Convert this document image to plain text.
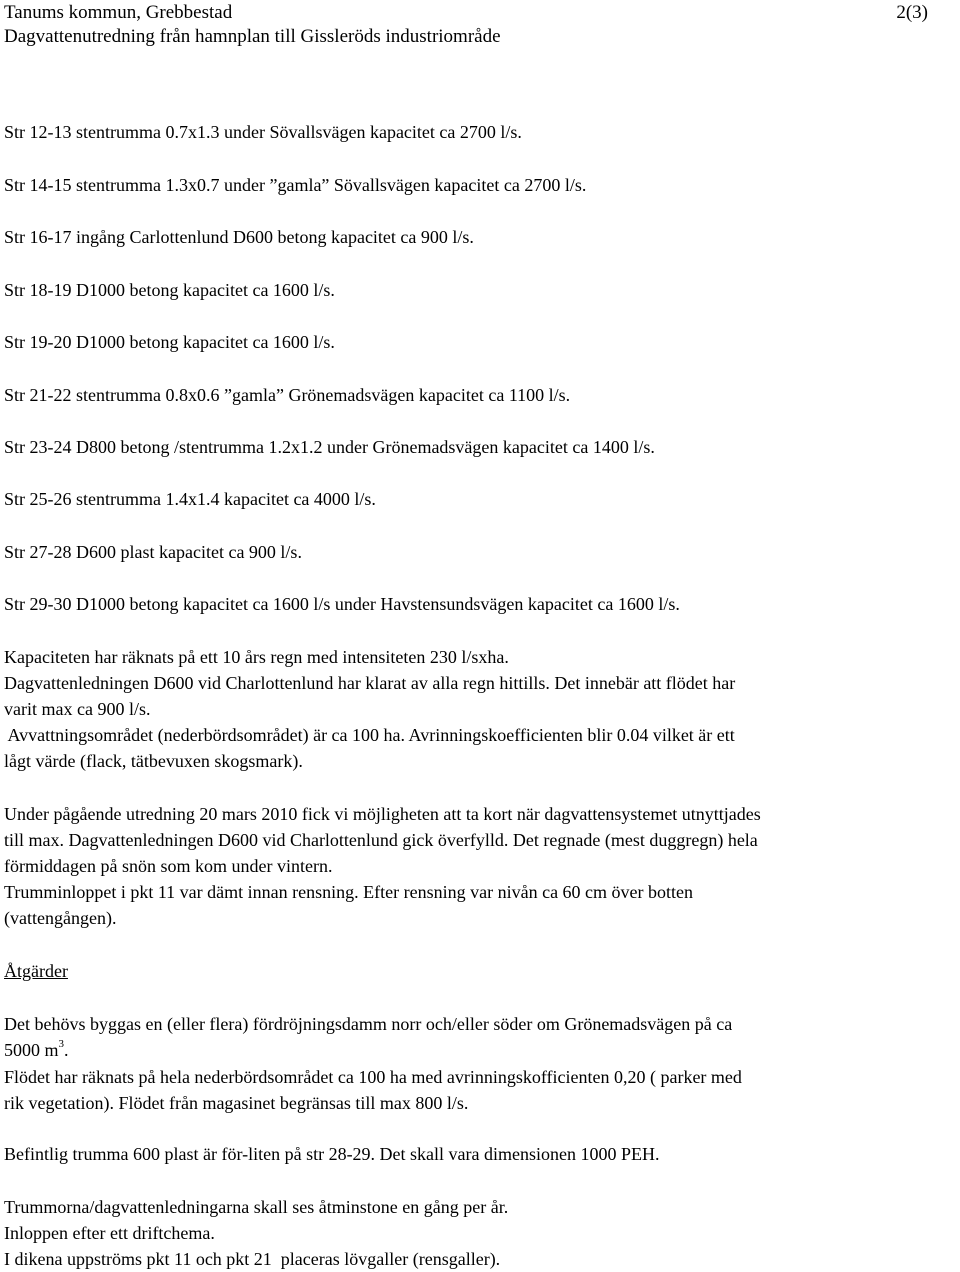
Tanums kommun, Grebbestad
Dagvattenutredning från hamnplan till Gissleröds industriområde
2(3)
Str 12-13 stentrumma 0.7x1.3 under Sövallsvägen kapacitet ca 2700 l/s.
Str 14-15 stentrumma 1.3x0.7 under ”gamla” Sövallsvägen kapacitet ca 2700 l/s.
Str 16-17 ingång Carlottenlund D600 betong kapacitet ca 900 l/s.
Str 18-19 D1000 betong kapacitet ca 1600 l/s.
Str 19-20 D1000 betong kapacitet ca 1600 l/s.
Str 21-22 stentrumma 0.8x0.6 ”gamla” Grönemadsvägen kapacitet ca 1100 l/s.
Str 23-24 D800 betong /stentrumma 1.2x1.2 under Grönemadsvägen kapacitet ca 1400 l/s.
Str 25-26 stentrumma 1.4x1.4 kapacitet ca 4000 l/s.
Str 27-28 D600 plast kapacitet ca 900 l/s.
Str 29-30 D1000 betong kapacitet ca 1600 l/s under Havstensundsvägen kapacitet ca 1600 l/s.
Kapaciteten har räknats på ett 10 års regn med intensiteten 230 l/sxha.
Dagvattenledningen D600 vid Charlottenlund har klarat av alla regn hittills. Det innebär att flödet har
varit max ca 900 l/s.
Avvattningsområdet (nederbördsområdet) är ca 100 ha. Avrinningskoefficienten blir 0.04 vilket är ett
lågt värde (flack, tätbevuxen skogsmark).
Under pågående utredning 20 mars 2010 fick vi möjligheten att ta kort när dagvattensystemet utnyttjades
till max. Dagvattenledningen D600 vid Charlottenlund gick överfylld. Det regnade (mest duggregn) hela
förmiddagen på snön som kom under vintern.
Trumminloppet i pkt 11 var dämt innan rensning. Efter rensning var nivån ca 60 cm över botten
(vattengången).
Åtgärder
Det behövs byggas en (eller flera) fördröjningsdamm norr och/eller söder om Grönemadsvägen på ca
5000 $m^3$.
Flödet har räknats på hela nederbördsområdet ca 100 ha med avrinningskofficienten 0,20 ( parker med
rik vegetation). Flödet från magasinet begränsas till max 800 l/s.
Befintlig trumma 600 plast är för-liten på str 28-29. Det skall vara dimensionen 1000 PEH.
Trummorna/dagvattenledningarna skall ses åtminstone en gång per år.
Inloppen efter ett driftchema.
I dikena uppströms pkt 11 och pkt 21  placeras lövgaller (rensgaller).
